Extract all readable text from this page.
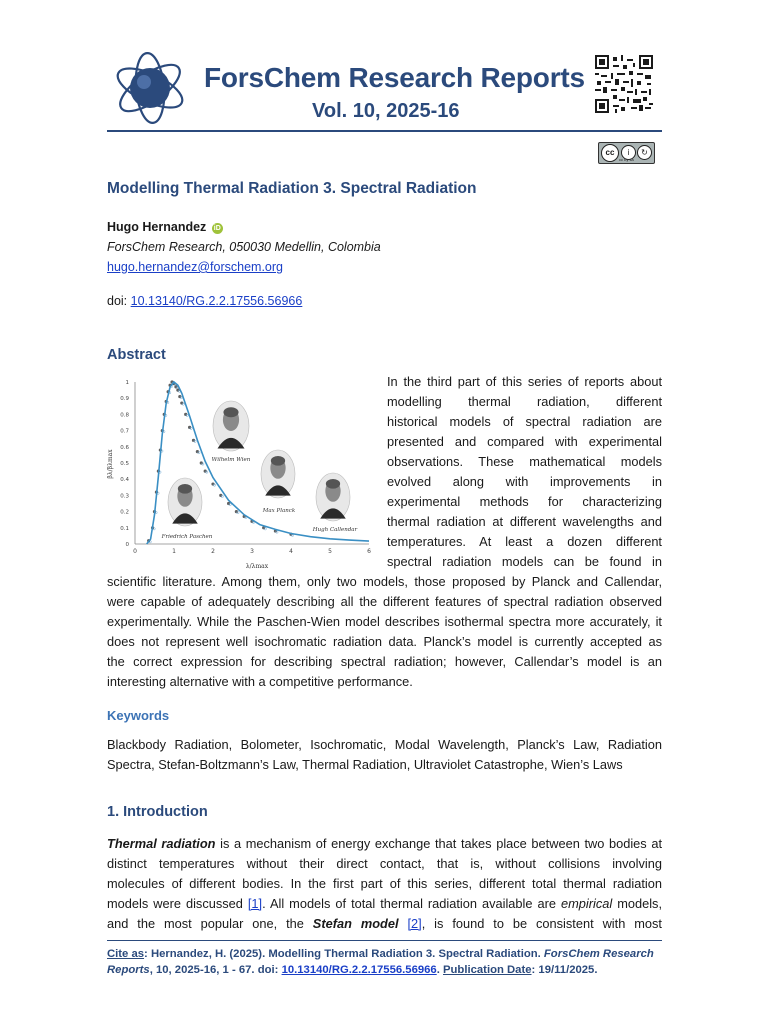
ForsChem Research Reports
Vol. 10, 2025-16
cc	i	↻
cc by sa
Modelling Thermal Radiation 3. Spectral Radiation
Hugo Hernandez iD
ForsChem Research, 050030 Medellin, Colombia
hugo.hernandez@forschem.org
doi: 10.13140/RG.2.2.17556.56966
Abstract
Wilhelm Wien
Friedrich Paschen
Max Planck
Hugh Callendar
0	1	2	3	4	5	6
0
0.1
0.2
0.3
0.4
0.5
0.6
0.7
0.8
0.9
1
λ/λmax
βλ/βλmax
In the third part of this series of reports about
modelling thermal radiation, different
historical models of spectral radiation are
presented and compared with experimental
observations. These mathematical models
evolved along with improvements in
experimental methods for characterizing
thermal radiation at different wavelengths and
temperatures. At least a dozen different
spectral radiation models can be found in
scientific literature. Among them, only two models, those proposed by Planck and Callendar,
were capable of adequately describing all the different features of spectral radiation observed
experimentally. While the Paschen-Wien model describes isothermal spectra more accurately, it
does not represent well isochromatic radiation data. Planck’s model is currently accepted as
the correct expression for describing spectral radiation; however, Callendar’s model is an
interesting alternative with a competitive performance.
Keywords
Blackbody Radiation, Bolometer, Isochromatic, Modal Wavelength, Planck’s Law, Radiation
Spectra, Stefan-Boltzmann’s Law, Thermal Radiation, Ultraviolet Catastrophe, Wien’s Laws
1. Introduction
Thermal radiation is a mechanism of energy exchange that takes place between two bodies at
distinct temperatures without their direct contact, that is, without collisions involving
molecules of different bodies. In the first part of this series, different total thermal radiation
models were discussed [1]. All models of total thermal radiation available are empirical models,
and the most popular one, the Stefan model [2], is found to be consistent with most
Cite as: Hernandez, H. (2025). Modelling Thermal Radiation 3. Spectral Radiation. ForsChem Research
Reports, 10, 2025-16, 1 - 67. doi: 10.13140/RG.2.2.17556.56966. Publication Date: 19/11/2025.
